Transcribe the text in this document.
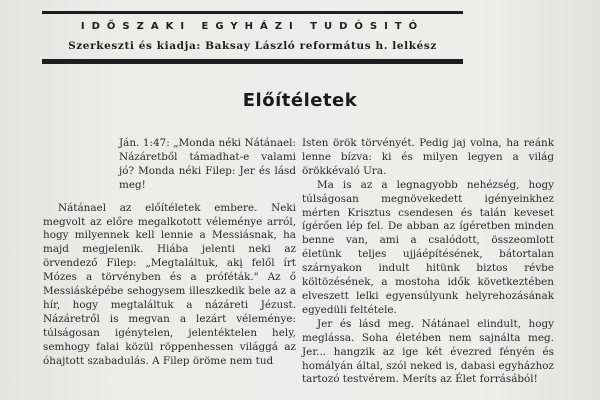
IDŐSZAKI EGYHÁZI TUDÓSITÓ
Szerkeszti és kiadja: Baksay László református h. lelkész
Előítéletek

Ján. 1:47: „Monda néki Nátánael: Názáretből támadhat-e valami jó? Monda néki Filep: Jer és lásd meg!

Nátánael az előítéletek embere. Neki megvolt az előre megalkotott véleménye arról, hogy milyennek kell lennie a Messiásnak, ha majd megjelenik. Hiába jelenti neki az örvendező Filep: „Megtaláltuk, akį felől írt Mózes a törvényben és a próféták." Az ő Messiásképébe sehogysem illeszkedik bele az a hír, hogy megtaláltuk a názáreti Jézust. Názáretről is megvan a lezárt véleménye: túlságosan igénytelen, jelentéktelen hely, semhogy falai közül röppenhessen világgá az óhajtott szabadulás. A Filep öröme nem tud

Isten örök törvényét. Pedig jaj volna, ha reánk lenne bízva: ki és milyen legyen a világ örökkévaló Ura.

Ma is az a legnagyobb nehézség, hogy túlságosan megnövekedett igényeinkhez mérten Krisztus csendesen és talán keveset ígérően lép fel. De abban az ígéretben minden benne van, ami a csalódott, összeomlott életünk teljes ujjáépítésének, bátortalan szárnyakon indult hitünk biztos révbe költözésének, a mostoha idők következtében elveszett lelki egyensúlyunk helyrehozásának egyedüli feltétele.

Jer és lásd meg. Nátánael elindult, hogy meglássa. Soha életében nem sajnálta meg. Jer... hangzik az ige két évezred fényén és homályán által, szól neked is, dabasi egyházhoz tartozó testvérem. Meríts az Élet forrásából!
